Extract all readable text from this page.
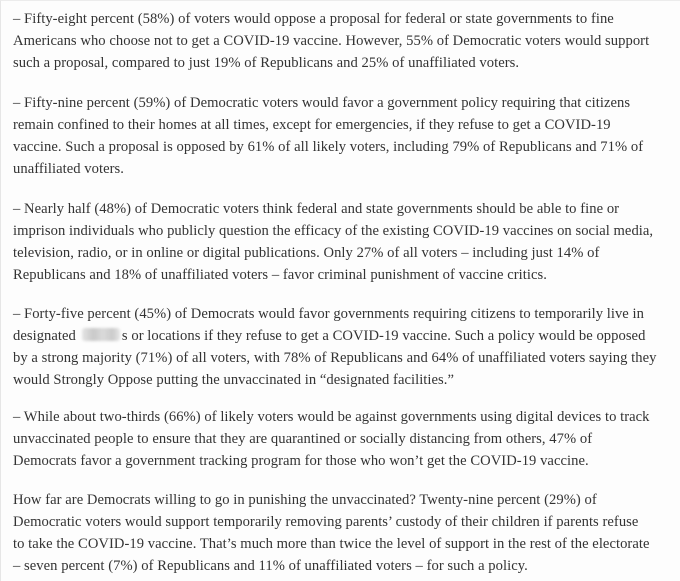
– Fifty-eight percent (58%) of voters would oppose a proposal for federal or state governments to fine
Americans who choose not to get a COVID-19 vaccine. However, 55% of Democratic voters would support
such a proposal, compared to just 19% of Republicans and 25% of unaffiliated voters.

– Fifty-nine percent (59%) of Democratic voters would favor a government policy requiring that citizens
remain confined to their homes at all times, except for emergencies, if they refuse to get a COVID-19
vaccine. Such a proposal is opposed by 61% of all likely voters, including 79% of Republicans and 71% of
unaffiliated voters.

– Nearly half (48%) of Democratic voters think federal and state governments should be able to fine or
imprison individuals who publicly question the efficacy of the existing COVID-19 vaccines on social media,
television, radio, or in online or digital publications. Only 27% of all voters – including just 14% of
Republicans and 18% of unaffiliated voters – favor criminal punishment of vaccine critics.

– Forty-five percent (45%) of Democrats would favor governments requiring citizens to temporarily live in
designated	s or locations if they refuse to get a COVID-19 vaccine. Such a policy would be opposed
by a strong majority (71%) of all voters, with 78% of Republicans and 64% of unaffiliated voters saying they
would Strongly Oppose putting the unvaccinated in “designated facilities.”

– While about two-thirds (66%) of likely voters would be against governments using digital devices to track
unvaccinated people to ensure that they are quarantined or socially distancing from others, 47% of
Democrats favor a government tracking program for those who won’t get the COVID-19 vaccine.

How far are Democrats willing to go in punishing the unvaccinated? Twenty-nine percent (29%) of
Democratic voters would support temporarily removing parents’ custody of their children if parents refuse
to take the COVID-19 vaccine. That’s much more than twice the level of support in the rest of the electorate
– seven percent (7%) of Republicans and 11% of unaffiliated voters – for such a policy.
